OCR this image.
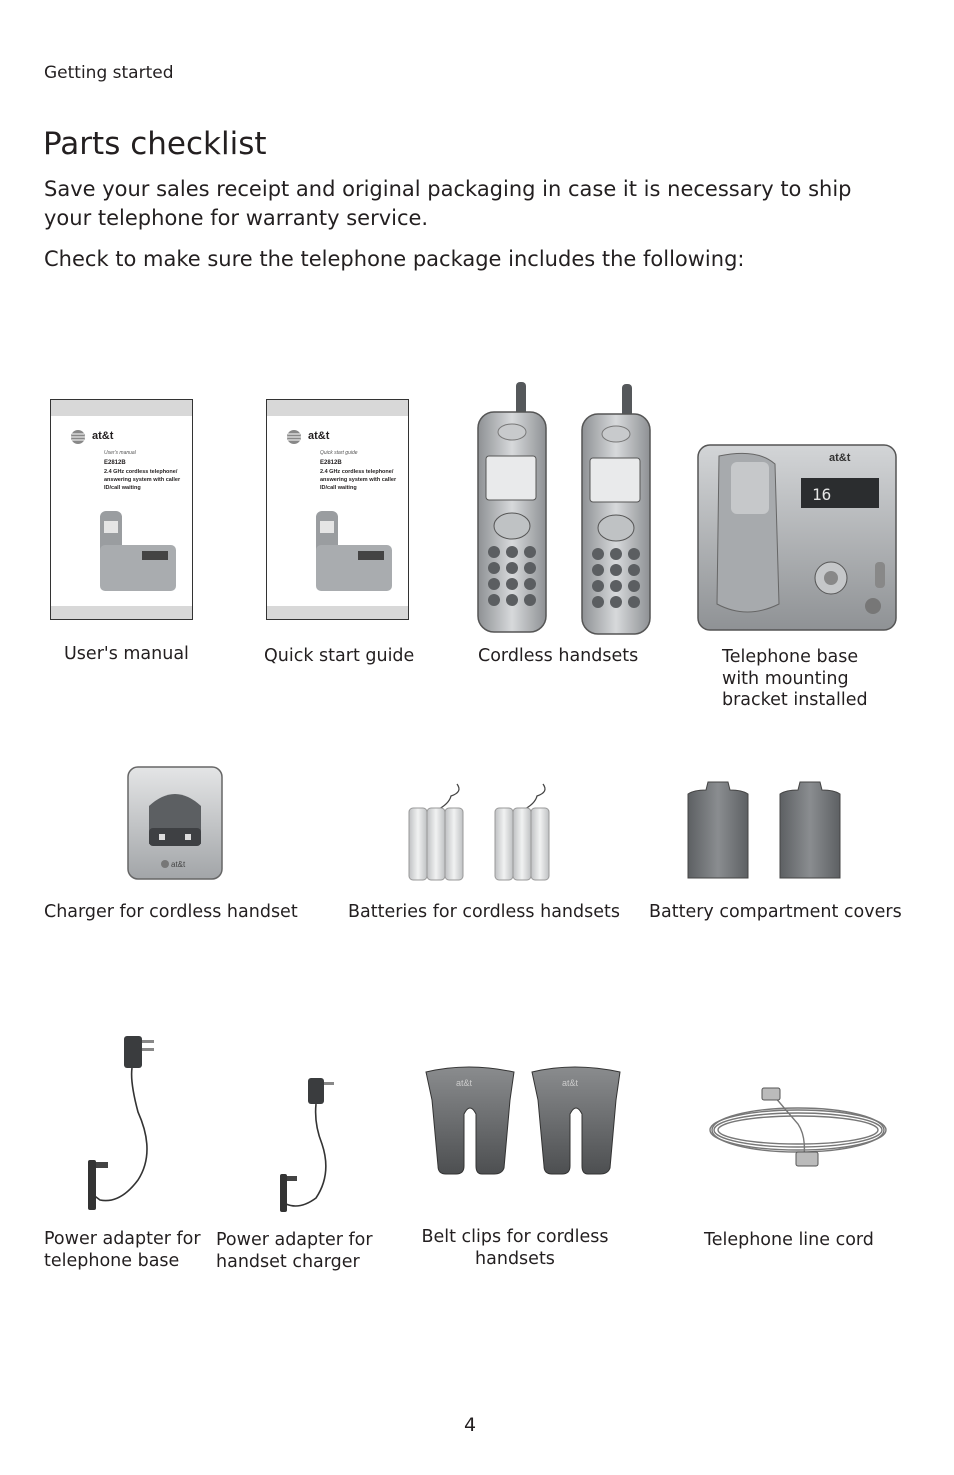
Getting started
Parts checklist

Save your sales receipt and original packaging in case it is necessary to ship your telephone for warranty service.

Check to make sure the telephone package includes the following:

at&t
User's manual
E2812B
2.4 GHz cordless telephone/
answering system with caller
ID/call waiting
at&t
Quick start guide
E2812B
2.4 GHz cordless telephone/
answering system with caller
ID/call waiting	16
at&t
User's manual	Quick start guide	Cordless handsets	Telephone base
with mounting
bracket installed
at&t
Charger for cordless handset	Batteries for cordless handsets Battery compartment covers
at&t	at&t
Power adapter for
telephone base
Power adapter for
handset charger
Belt clips for cordless
handsets
Telephone line cord
4
